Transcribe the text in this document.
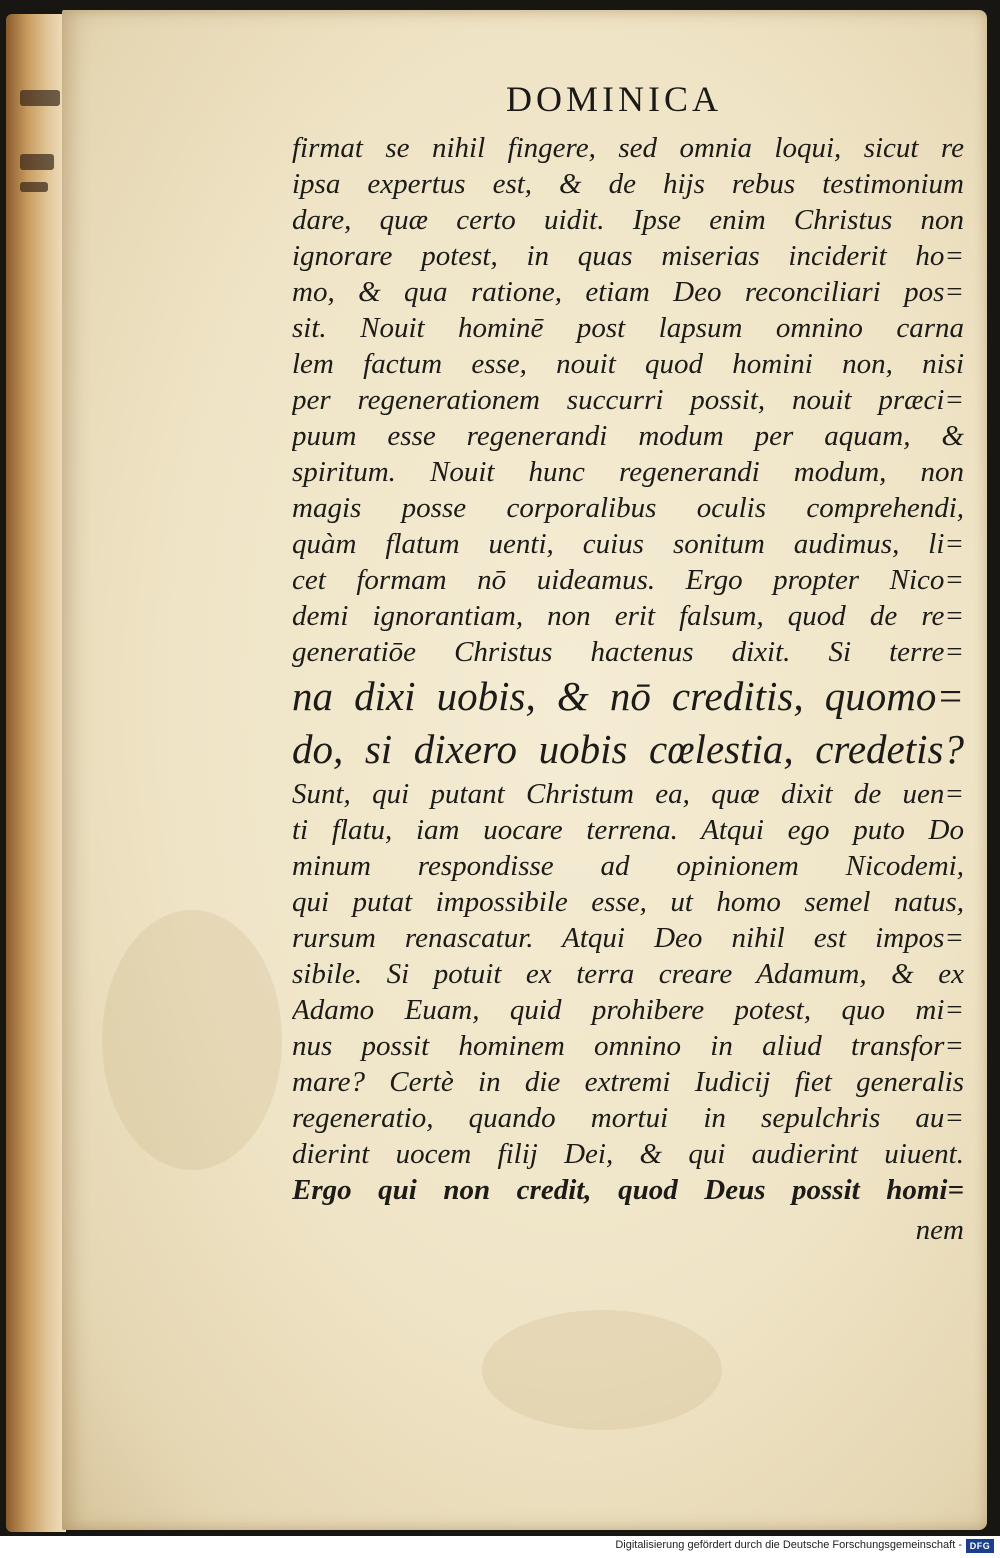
DOMINICA
firmat se nihil fingere, sed omnia loqui, sicut re
ipsa expertus est, & de hijs rebus testimonium
dare, quæ certo uidit. Ipse enim Christus non
ignorare potest, in quas miserias inciderit ho=
mo, & qua ratione, etiam Deo reconciliari pos=
sit. Nouit hominē post lapsum omnino carna
lem factum esse, nouit quod homini non, nisi
per regenerationem succurri possit, nouit præci=
puum esse regenerandi modum per aquam, &
spiritum. Nouit hunc regenerandi modum, non
magis posse corporalibus oculis comprehendi,
quàm flatum uenti, cuius sonitum audimus, li=
cet formam nō uideamus. Ergo propter Nico=
demi ignorantiam, non erit falsum, quod de re=
generatiōe Christus hactenus dixit. Si terre=
na dixi uobis, & nō creditis, quomo=
do, si dixero uobis cœlestia, credetis?
Sunt, qui putant Christum ea, quæ dixit de uen=
ti flatu, iam uocare terrena. Atqui ego puto Do
minum respondisse ad opinionem Nicodemi,
qui putat impossibile esse, ut homo semel natus,
rursum renascatur. Atqui Deo nihil est impos=
sibile. Si potuit ex terra creare Adamum, & ex
Adamo Euam, quid prohibere potest, quo mi=
nus possit hominem omnino in aliud transfor=
mare? Certè in die extremi Iudicij fiet generalis
regeneratio, quando mortui in sepulchris au=
dierint uocem filij Dei, & qui audierint uiuent.
Ergo qui non credit, quod Deus possit homi=
nem
Digitalisierung gefördert durch die Deutsche Forschungsgemeinschaft - DFG
